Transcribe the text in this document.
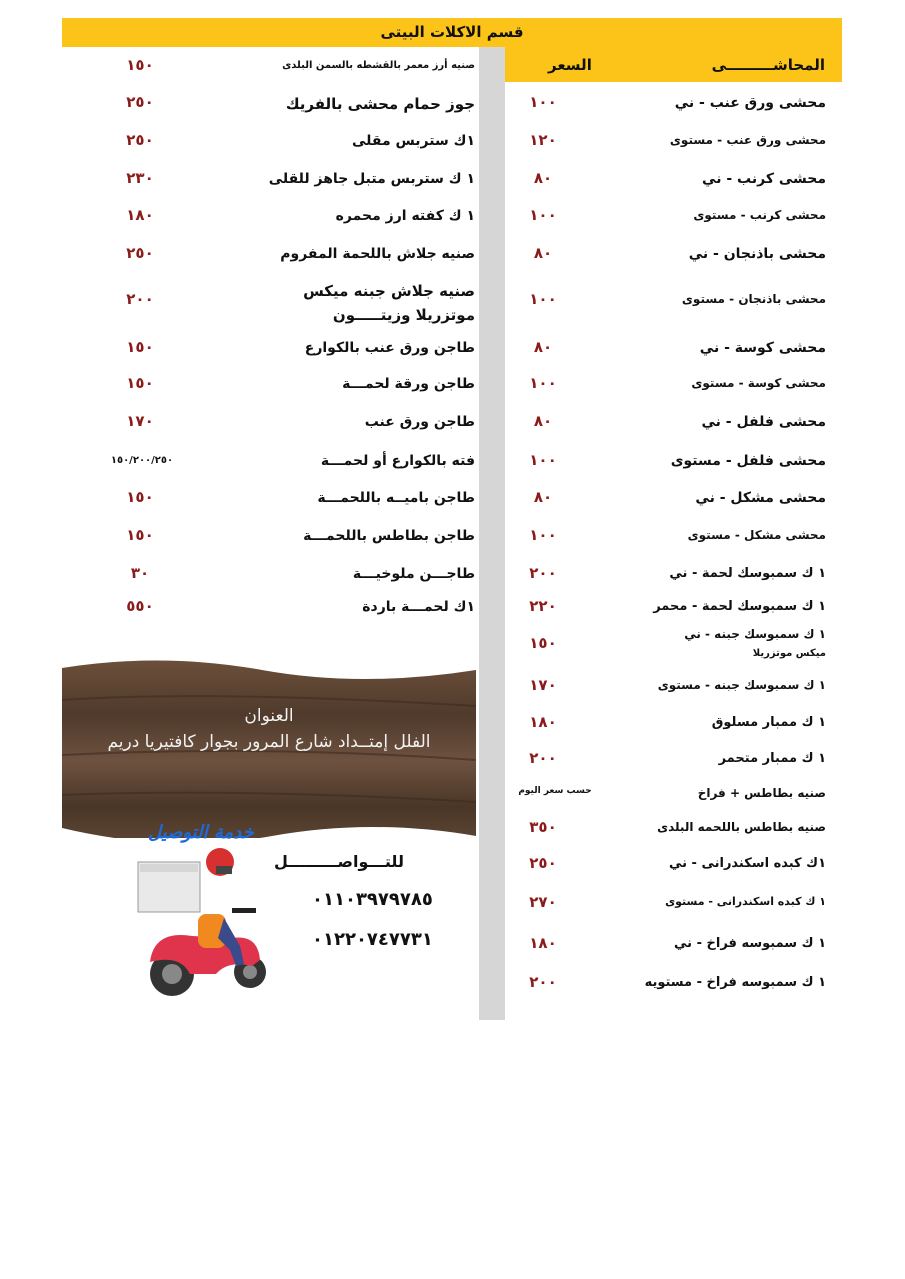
قسم الاكلات البيتى
المحاشـــــــــى
السعر
محشى ورق عنب - ني
١٠٠
محشى ورق عنب - مستوى
١٢٠
محشى كرنب - ني
٨٠
محشى كرنب - مستوى
١٠٠
محشى باذنجان - ني
٨٠
محشى باذنجان - مستوى
١٠٠
محشى كوسة - ني
٨٠
محشى كوسة - مستوى
١٠٠
محشى فلفل - ني
٨٠
محشى فلفل - مستوى
١٠٠
محشى مشكل - ني
٨٠
محشى مشكل - مستوى
١٠٠
١ ك سمبوسك لحمة - ني
٢٠٠
١ ك سمبوسك لحمة - محمر
٢٢٠
١ ك سمبوسك جبنه - ني
ميكس موتزريلا
١٥٠
١ ك سمبوسك جبنه - مستوى
١٧٠
١ ك ممبار مسلوق
١٨٠
١ ك ممبار متحمر
٢٠٠
صنيه بطاطس + فراخ
حسب سعر اليوم
صنيه بطاطس باللحمه البلدى
٣٥٠
١ك كبده اسكندرانى - ني
٢٥٠
١ ك كبده اسكندرانى - مستوى
٢٧٠
١ ك سمبوسه فراخ - ني
١٨٠
١ ك سمبوسه فراخ - مستويه
٢٠٠
صنيه أرز معمر بالقشطه بالسمن البلدى
١٥٠
جوز حمام محشى بالفريك
٢٥٠
١ك ستربس مقلى
٢٥٠
١ ك ستربس متبل جاهز للقلى
٢٣٠
١ ك كفته ارز محمره
١٨٠
صنيه جلاش باللحمة المفروم
٢٥٠
صنيه جلاش جبنه ميكس
موتزريلا وزيتـــــون
٢٠٠
طاجن ورق عنب بالكوارع
١٥٠
طاجن ورقة لحمـــة
١٥٠
طاجن ورق عنب
١٧٠
فته بالكوارع أو لحمـــة
١٥٠/٢٠٠/٢٥٠
طاجن باميــه باللحمـــة
١٥٠
طاجن بطاطس باللحمـــة
١٥٠
طاجـــن ملوخيـــة
٣٠
١ك لحمـــة باردة
٥٥٠
العنوان
الفلل إمتــداد شارع المرور بجوار كافتيريا دريم
خدمة التوصيل
للتـــواصـــــــــل
٠١١٠٣٩٧٩٧٨٥
٠١٢٢٠٧٤٧٧٣١
